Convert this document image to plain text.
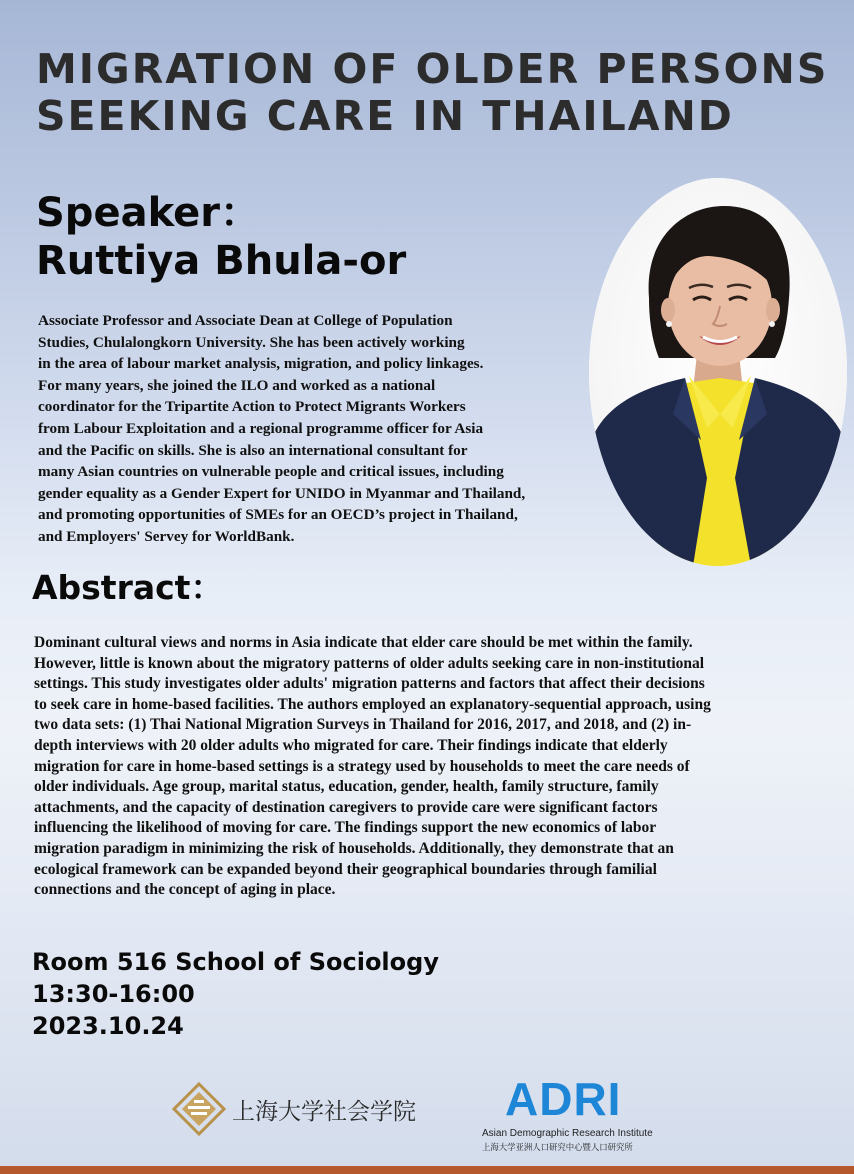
MIGRATION OF OLDER PERSONS
SEEKING CARE IN THAILAND
Speaker：
Ruttiya Bhula-or
Associate Professor and Associate Dean at College of Population
Studies, Chulalongkorn University. She has been actively working
in the area of labour market analysis, migration, and policy linkages.
For many years, she joined the ILO and worked as a national
coordinator for the Tripartite Action to Protect Migrants Workers
from Labour Exploitation and a regional programme officer for Asia
and the Pacific on skills. She is also an international consultant for
many Asian countries on vulnerable people and critical issues, including
gender equality as a Gender Expert for UNIDO in Myanmar and Thailand,
and promoting opportunities of SMEs for an OECD’s project in Thailand,
and Employers' Servey for WorldBank.
Abstract：
Dominant cultural views and norms in Asia indicate that elder care should be met within the family.
However, little is known about the migratory patterns of older adults seeking care in non-institutional
settings. This study investigates older adults' migration patterns and factors that affect their decisions
to seek care in home-based facilities. The authors employed an explanatory-sequential approach, using
two data sets: (1) Thai National Migration Surveys in Thailand for 2016, 2017, and 2018, and (2) in-
depth interviews with 20 older adults who migrated for care. Their findings indicate that elderly
migration for care in home-based settings is a strategy used by households to meet the care needs of
older individuals. Age group, marital status, education, gender, health, family structure, family
attachments, and the capacity of destination caregivers to provide care were significant factors
influencing the likelihood of moving for care. The findings support the new economics of labor
migration paradigm in minimizing the risk of households. Additionally, they demonstrate that an
ecological framework can be expanded beyond their geographical boundaries through familial
connections and the concept of aging in place.
Room 516 School of Sociology
13:30-16:00
2023.10.24
上海大学社会学院 ADRI
Asian Demographic Research Institute
上海大学亚洲人口研究中心暨人口研究所
